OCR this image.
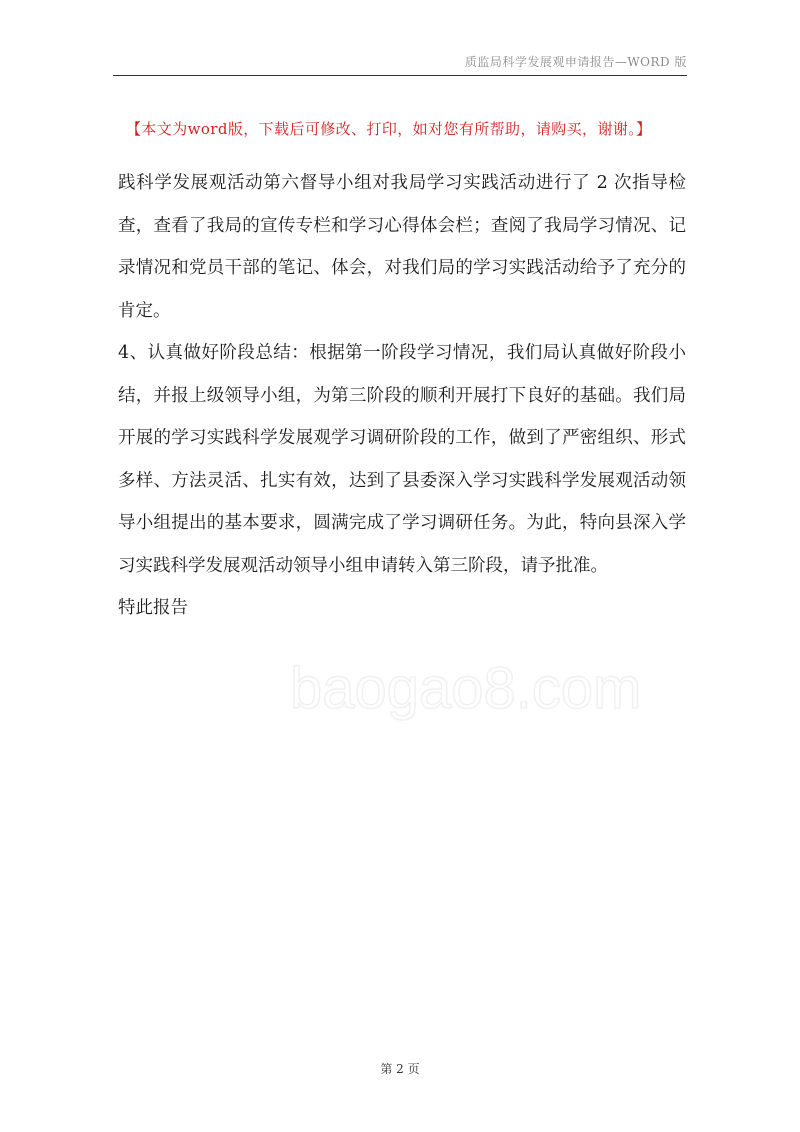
质监局科学发展观申请报告—WORD 版
【本文为word版，下载后可修改、打印，如对您有所帮助，请购买，谢谢。】

践科学发展观活动第六督导小组对我局学习实践活动进行了 2 次指导检查，查看了我局的宣传专栏和学习心得体会栏；查阅了我局学习情况、记录情况和党员干部的笔记、体会，对我们局的学习实践活动给予了充分的肯定。

4、认真做好阶段总结：根据第一阶段学习情况，我们局认真做好阶段小结，并报上级领导小组，为第三阶段的顺利开展打下良好的基础。我们局开展的学习实践科学发展观学习调研阶段的工作，做到了严密组织、形式多样、方法灵活、扎实有效，达到了县委深入学习实践科学发展观活动领导小组提出的基本要求，圆满完成了学习调研任务。为此，特向县深入学习实践科学发展观活动领导小组申请转入第三阶段，请予批准。

特此报告

baogao8.com
第 2 页
